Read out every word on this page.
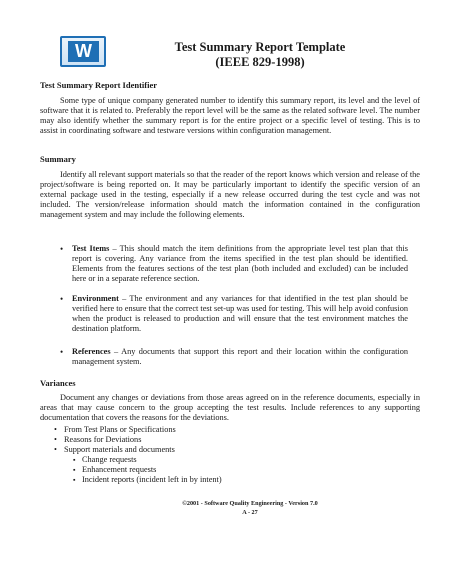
W	Test Summary Report Template
(IEEE 829-1998)
Test Summary Report Identifier
Some type of unique company generated number to identify this summary report, its level and the level of software that it is related to. Preferably the report level will be the same as the related software level. The number may also identify whether the summary report is for the entire project or a specific level of testing. This is to assist in coordinating software and testware versions within configuration management.
Summary
Identify all relevant support materials so that the reader of the report knows which version and release of the project/software is being reported on. It may be particularly important to identify the specific version of an external package used in the testing, especially if a new release occurred during the test cycle and was not included. The version/release information should match the information contained in the configuration management system and may include the following elements.
•	Test Items – This should match the item definitions from the appropriate level test plan that this report is covering. Any variance from the items specified in the test plan should be identified. Elements from the features sections of the test plan (both included and excluded) can be included here or in a separate reference section.
•	Environment – The environment and any variances for that identified in the test plan should be verified here to ensure that the correct test set-up was used for testing. This will help avoid confusion when the product is released to production and will ensure that the test environment matches the destination platform.
•	References – Any documents that support this report and their location within the configuration management system.
Variances
Document any changes or deviations from those areas agreed on in the reference documents, especially in areas that may cause concern to the group accepting the test results. Include references to any supporting documentation that covers the reasons for the deviations.
• From Test Plans or Specifications
• Reasons for Deviations
• Support materials and documents
▪ Change requests
▪ Enhancement requests
▪ Incident reports (incident left in by intent)
©2001 - Software Quality Engineering - Version 7.0
A - 27
